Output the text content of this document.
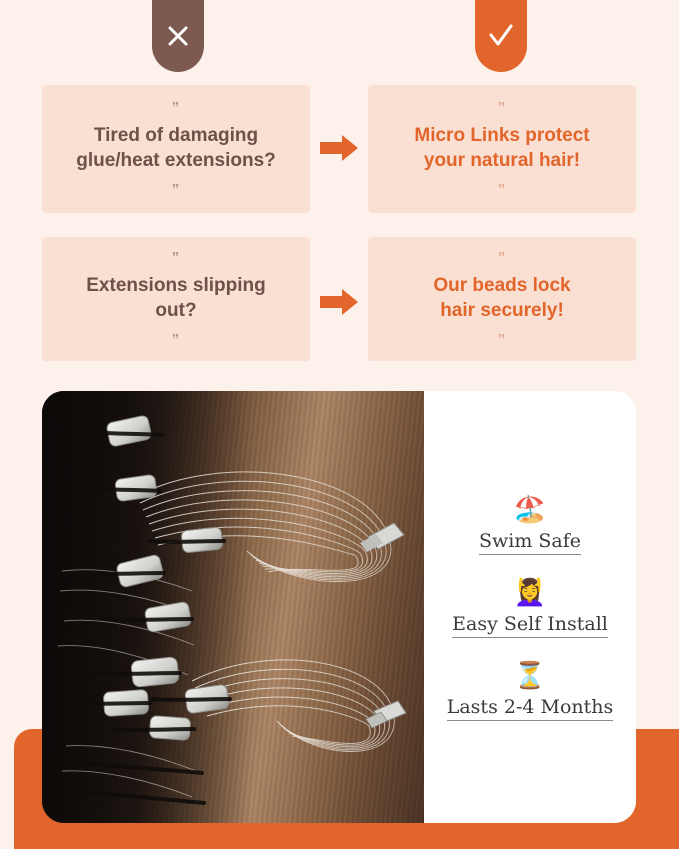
”
Tired of damaging
glue/heat extensions?
”
”
Micro Links protect
your natural hair!
”
”
Extensions slipping
out?
”
”
Our beads lock
hair securely!
”
🏖️
Swim Safe
💆‍♀️
Easy Self Install
⏳
Lasts 2-4 Months
